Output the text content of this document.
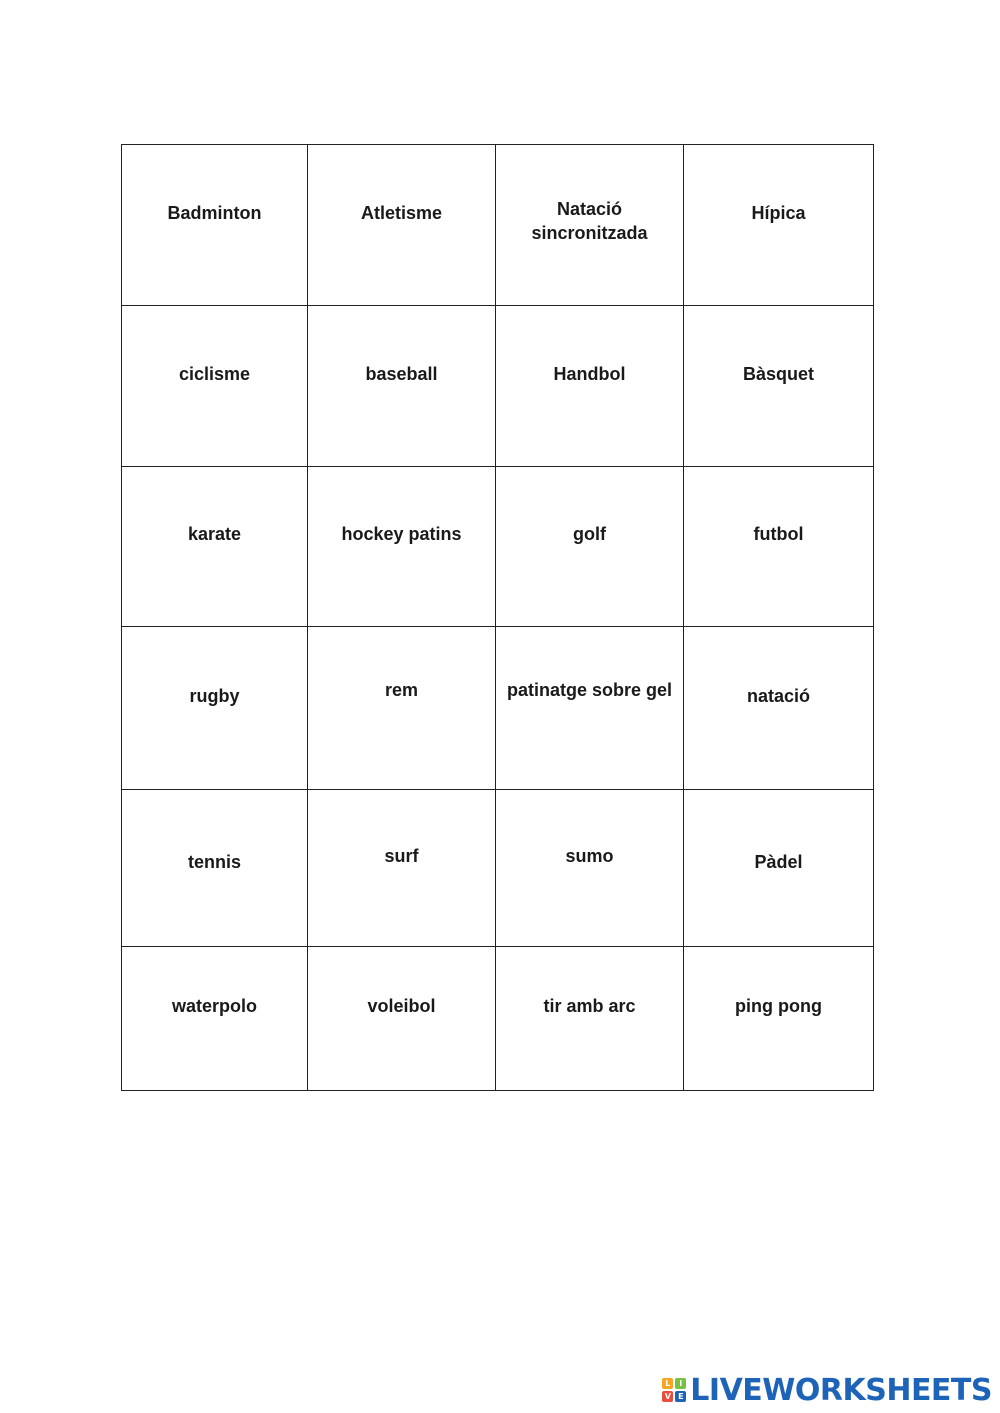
Badminton	Atletisme	Natació sincronitzada	Hípica
ciclisme	baseball	Handbol	Bàsquet
karate	hockey patins	golf	futbol
rugby	rem	patinatge sobre gel	natació
tennis	surf	sumo	Pàdel
waterpolo	voleibol	tir amb arc	ping pong
L	I
V E LIVEWORKSHEETS
